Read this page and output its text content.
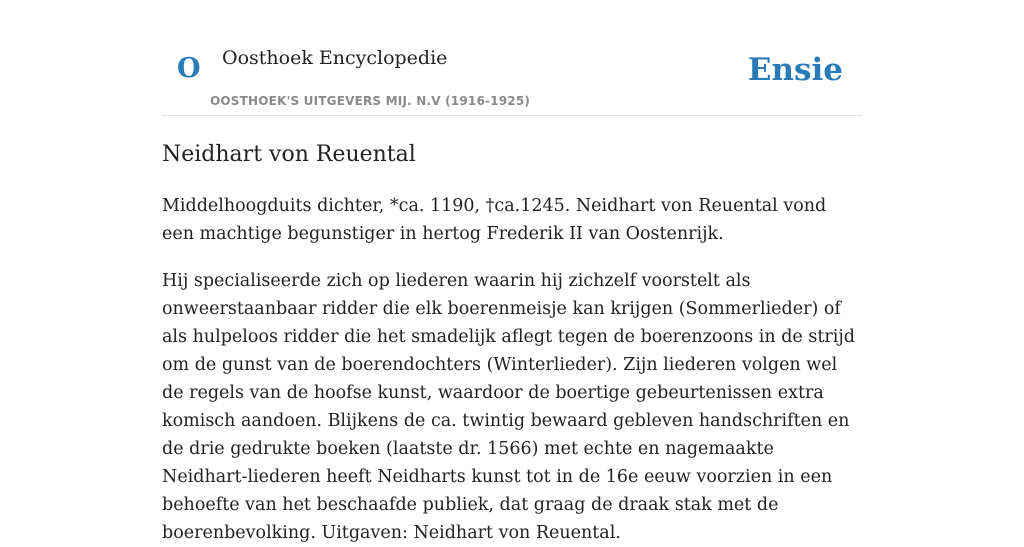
O Oosthoek Encyclopedie
OOSTHOEK'S UITGEVERS MIJ. N.V (1916-1925)
Ensie
Neidhart von Reuental

Middelhoogduits dichter, *ca. 1190, †ca.1245. Neidhart von Reuental vond een machtige begunstiger in hertog Frederik II van Oostenrijk.

Hij specialiseerde zich op liederen waarin hij zichzelf voorstelt als onweerstaanbaar ridder die elk boerenmeisje kan krijgen (Sommerlieder) of als hulpeloos ridder die het smadelijk aflegt tegen de boerenzoons in de strijd om de gunst van de boerendochters (Winterlieder). Zijn liederen volgen wel de regels van de hoofse kunst, waardoor de boertige gebeurtenissen extra komisch aandoen. Blijkens de ca. twintig bewaard gebleven handschriften en de drie gedrukte boeken (laatste dr. 1566) met echte en nagemaakte Neidhart-liederen heeft Neidharts kunst tot in de 16e eeuw voorzien in een behoefte van het beschaafde publiek, dat graag de draak stak met de boerenbevolking. Uitgaven: Neidhart von Reuental.
